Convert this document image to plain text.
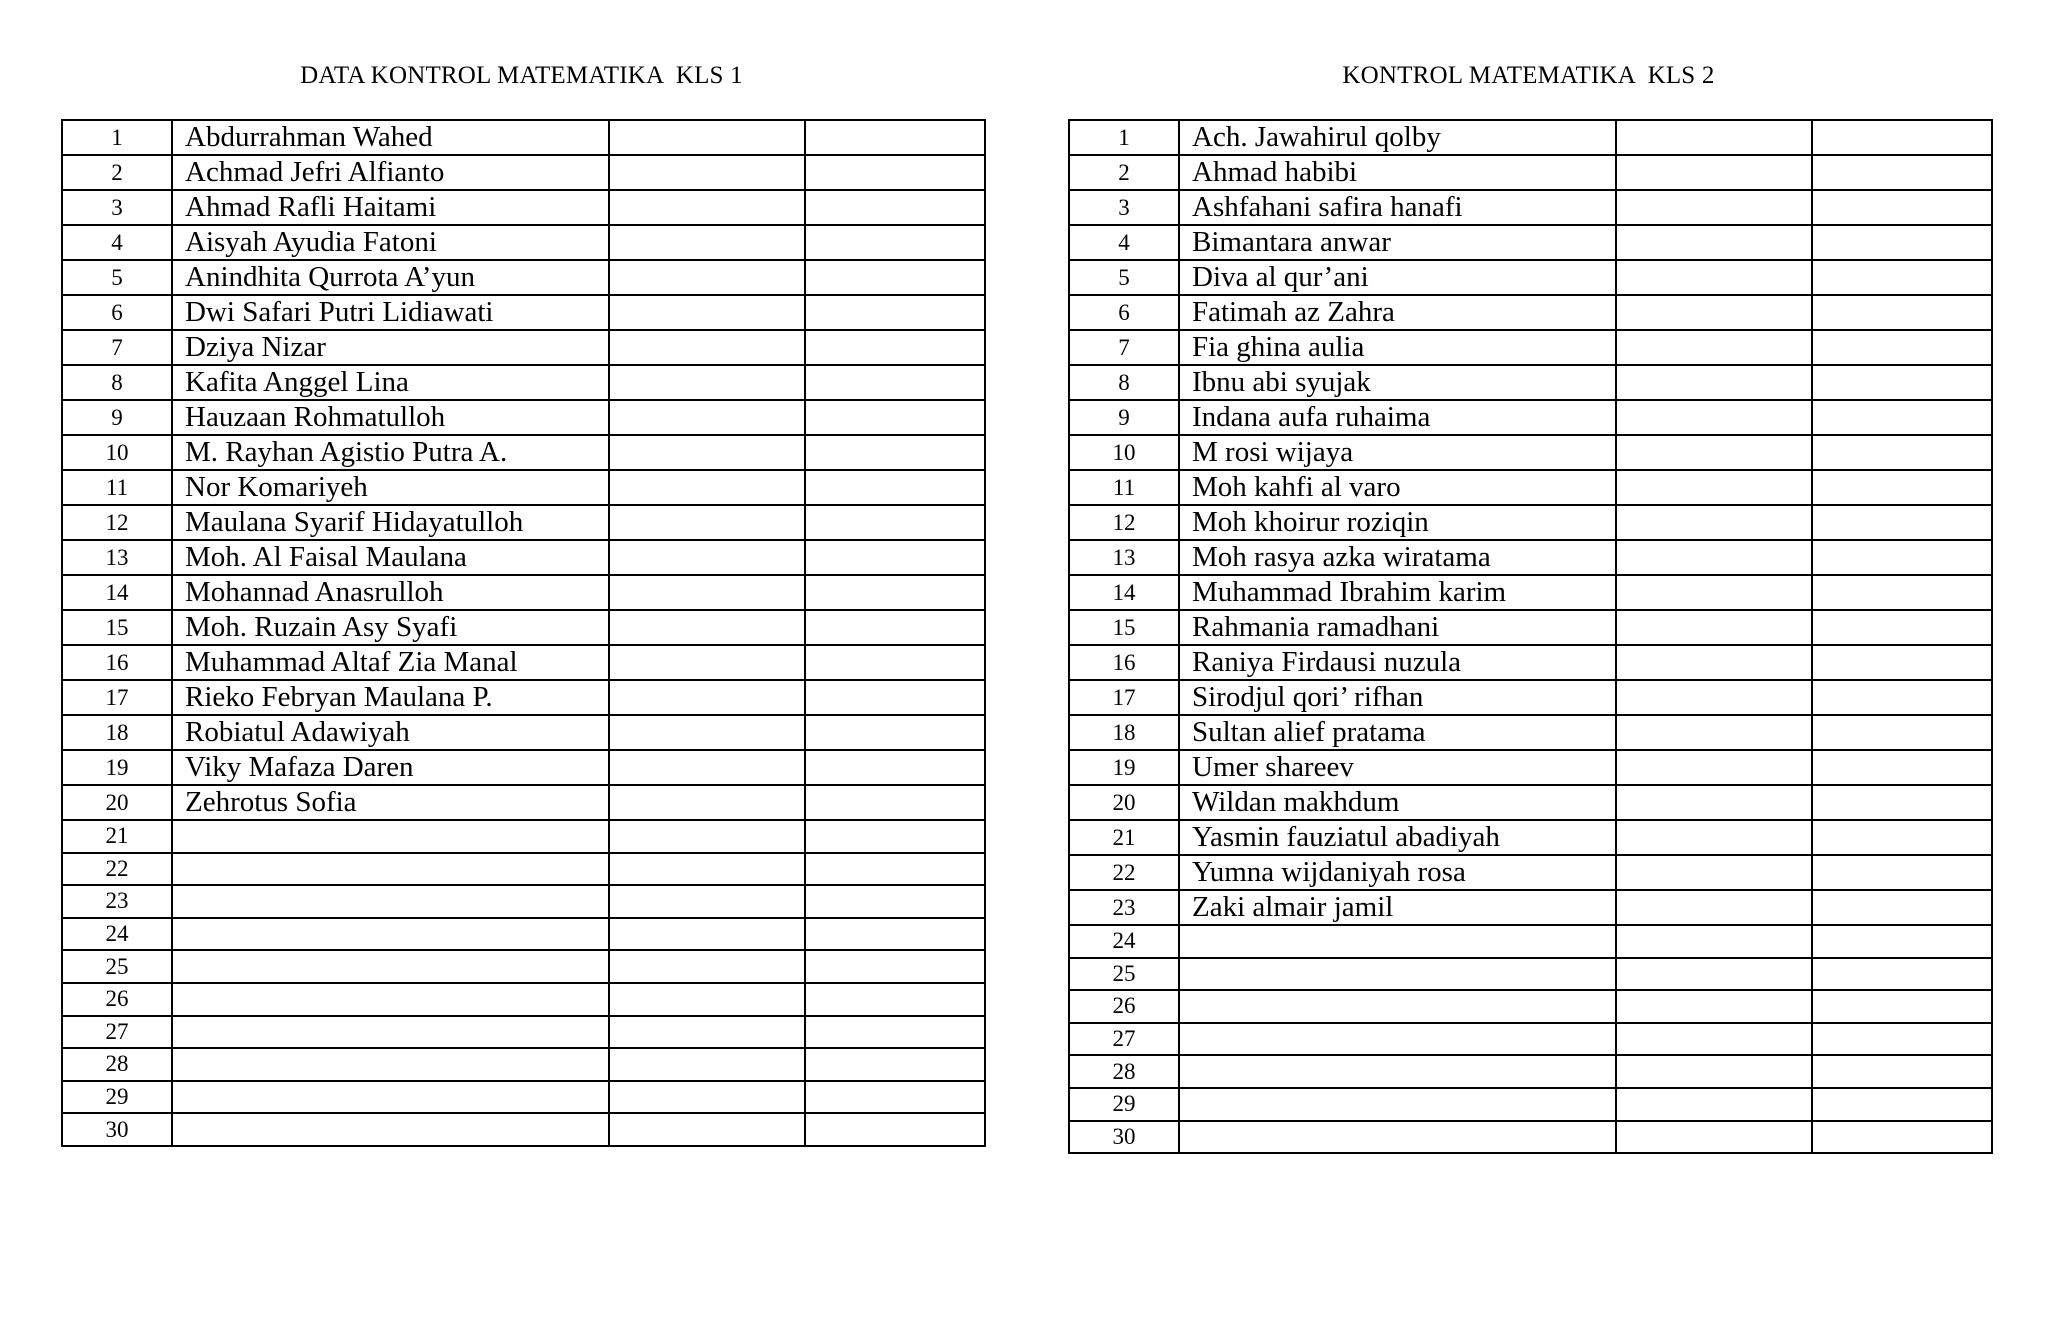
DATA KONTROL MATEMATIKA  KLS 1
1	Abdurrahman Wahed		
2	Achmad Jefri Alfianto		
3	Ahmad Rafli Haitami		
4	Aisyah Ayudia Fatoni		
5	Anindhita Qurrota A’yun		
6	Dwi Safari Putri Lidiawati		
7	Dziya Nizar		
8	Kafita Anggel Lina		
9	Hauzaan Rohmatulloh		
10	M. Rayhan Agistio Putra A.		
11	Nor Komariyeh		
12	Maulana Syarif Hidayatulloh		
13	Moh. Al Faisal Maulana		
14	Mohannad Anasrulloh		
15	Moh. Ruzain Asy Syafi		
16	Muhammad Altaf Zia Manal		
17	Rieko Febryan Maulana P.		
18	Robiatul Adawiyah		
19	Viky Mafaza Daren		
20	Zehrotus Sofia		
21			
22			
23			
24			
25			
26			
27			
28			
29			
30			
KONTROL MATEMATIKA  KLS 2
1	Ach. Jawahirul qolby		
2	Ahmad habibi		
3	Ashfahani safira hanafi		
4	Bimantara anwar		
5	Diva al qur’ani		
6	Fatimah az Zahra		
7	Fia ghina aulia		
8	Ibnu abi syujak		
9	Indana aufa ruhaima		
10	M rosi wijaya		
11	Moh kahfi al varo		
12	Moh khoirur roziqin		
13	Moh rasya azka wiratama		
14	Muhammad Ibrahim karim		
15	Rahmania ramadhani		
16	Raniya Firdausi nuzula		
17	Sirodjul qori’ rifhan		
18	Sultan alief pratama		
19	Umer shareev		
20	Wildan makhdum		
21	Yasmin fauziatul abadiyah		
22	Yumna wijdaniyah rosa		
23	Zaki almair jamil		
24			
25			
26			
27			
28			
29			
30			
